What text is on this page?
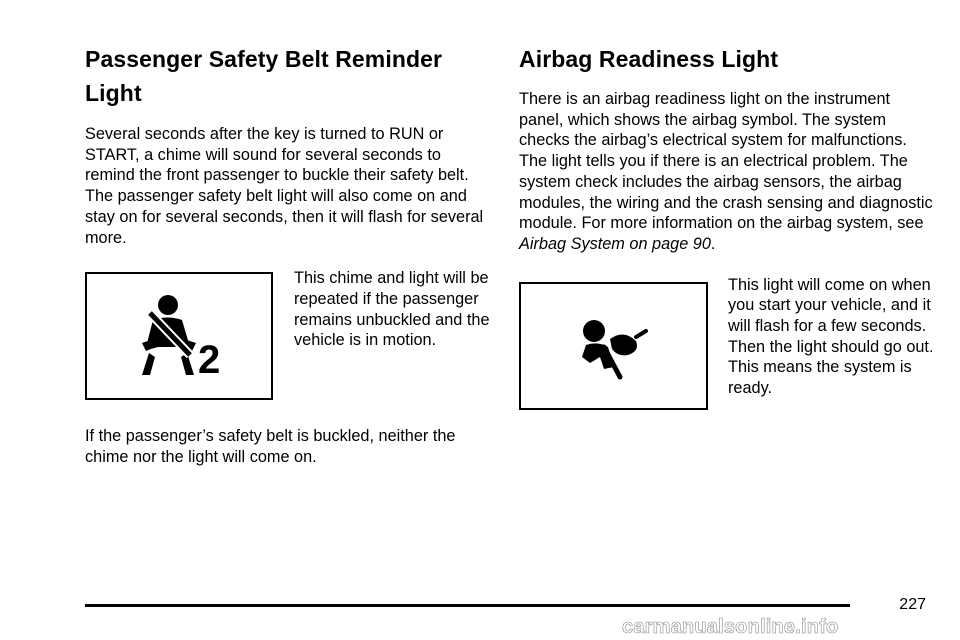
Passenger Safety Belt Reminder Light

Several seconds after the key is turned to RUN or START, a chime will sound for several seconds to remind the front passenger to buckle their safety belt. The passenger safety belt light will also come on and stay on for several seconds, then it will flash for several more.

2

This chime and light will be repeated if the passenger remains unbuckled and the vehicle is in motion.

If the passenger’s safety belt is buckled, neither the chime nor the light will come on.

Airbag Readiness Light

There is an airbag readiness light on the instrument panel, which shows the airbag symbol. The system checks the airbag’s electrical system for malfunctions. The light tells you if there is an electrical problem. The system check includes the airbag sensors, the airbag modules, the wiring and the crash sensing and diagnostic module. For more information on the airbag system, see Airbag System on page 90.

This light will come on when you start your vehicle, and it will flash for a few seconds. Then the light should go out. This means the system is ready.

227
carmanualsonline.info
